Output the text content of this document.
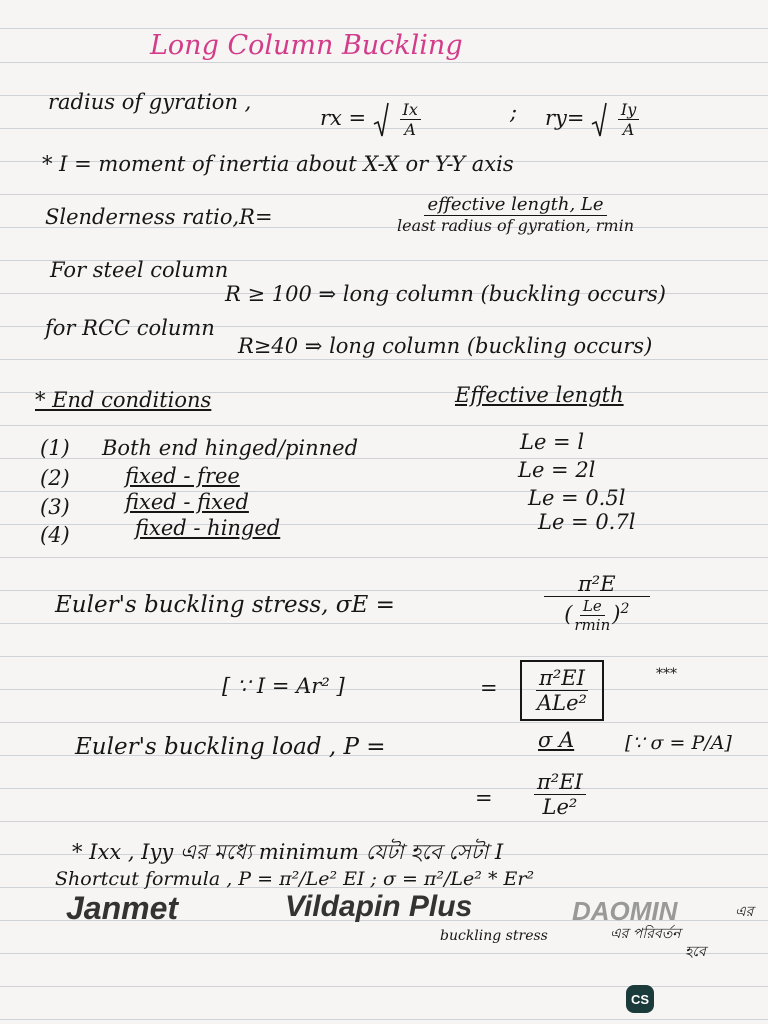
Long Column Buckling
radius of gyration ,
rx =
$\frac{Ix}{A}$	; ry=
$\frac{Iy}{A}$
* I = moment of inertia about X-X or Y-Y axis
Slenderness ratio,R=	$\frac{\text{effective length, Le}}{\text{least radius of gyration, rmin}}$
For steel column
R ≥ 100 ⇒ long column (buckling occurs)
for RCC column
R≥40 ⇒ long column (buckling occurs)
* End conditions	Effective length
(1) Both end hinged/pinned	Le = l
(2)	fixed - free	Le = 2l
(3)	fixed - fixed	Le = 0.5l
(4)	fixed - hinged	Le = 0.7l
Euler's buckling stress, σE =	$\frac{\text{π²E}}{( \frac{Le}{rmin} )^2}$
[ ∵ I = Ar² ]	= $\frac{\text{π²EI}}{\text{ALe²}}$	***
Euler's buckling load , P =	σ A	[∵ σ = P/A]
= $\frac{\text{π²EI}}{\text{Le²}}$
* Ixx , Iyy এর মধ্যে minimum যেটা হবে সেটা I
Shortcut formula , P = π²/Le² EI ; σ = π²/Le² * Er²
Janmet	Vildapin Plus	DAOMIN
buckling stress
এর
এর পরিবর্তন
হবে
CS
